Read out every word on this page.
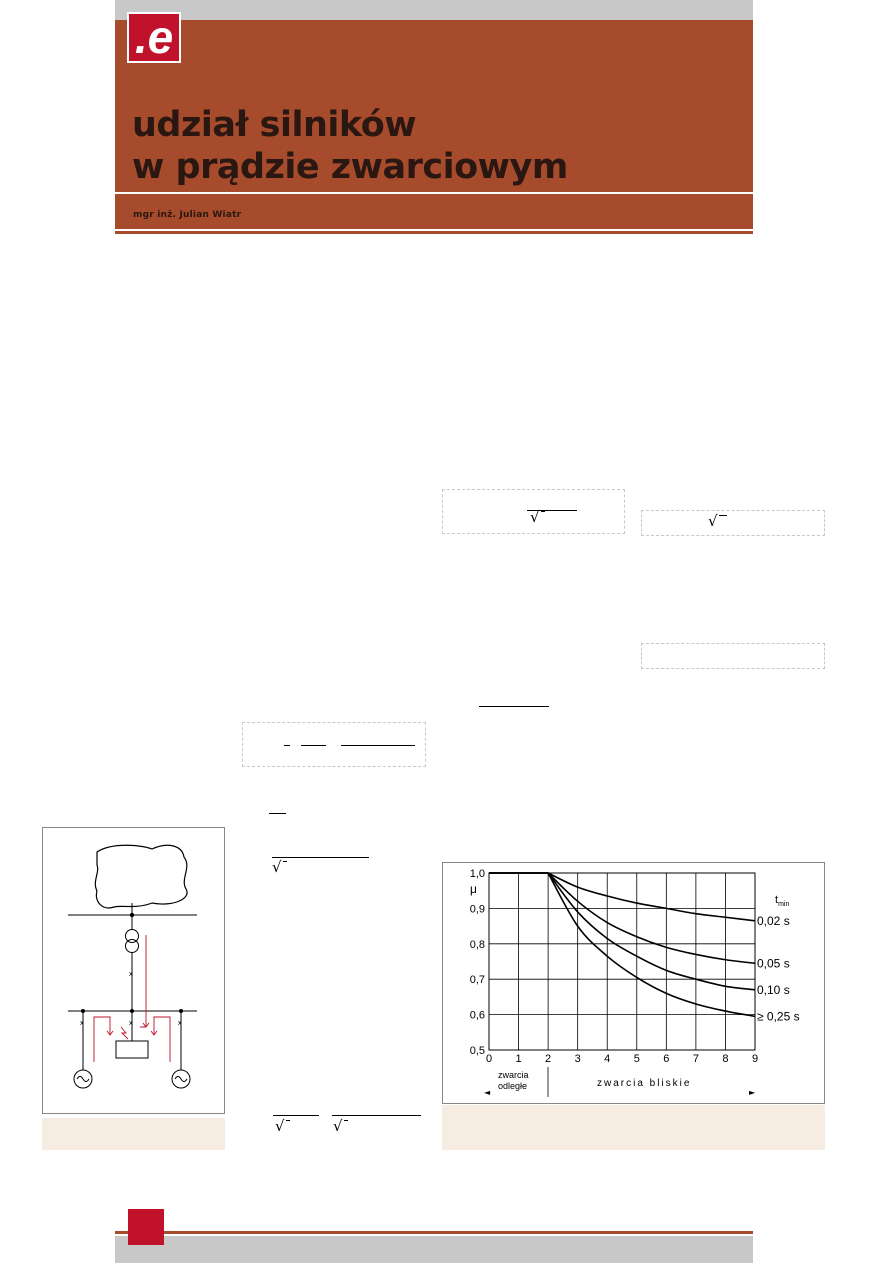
.e
udział silników
w prądzie zwarciowym
mgr inż. Julian Wiatr
√	√
√
√	√
x
x
x	x
0 1 2 3 4 5 6 7 8 9
0,5
0,6
0,7
0,8
0,9
1,0
0,02 s
0,05 s
0,10 s
≥ 0,25 s
μ
$t_{min}$
zwarcia
odległe
◄
zwarcia bliskie
►
